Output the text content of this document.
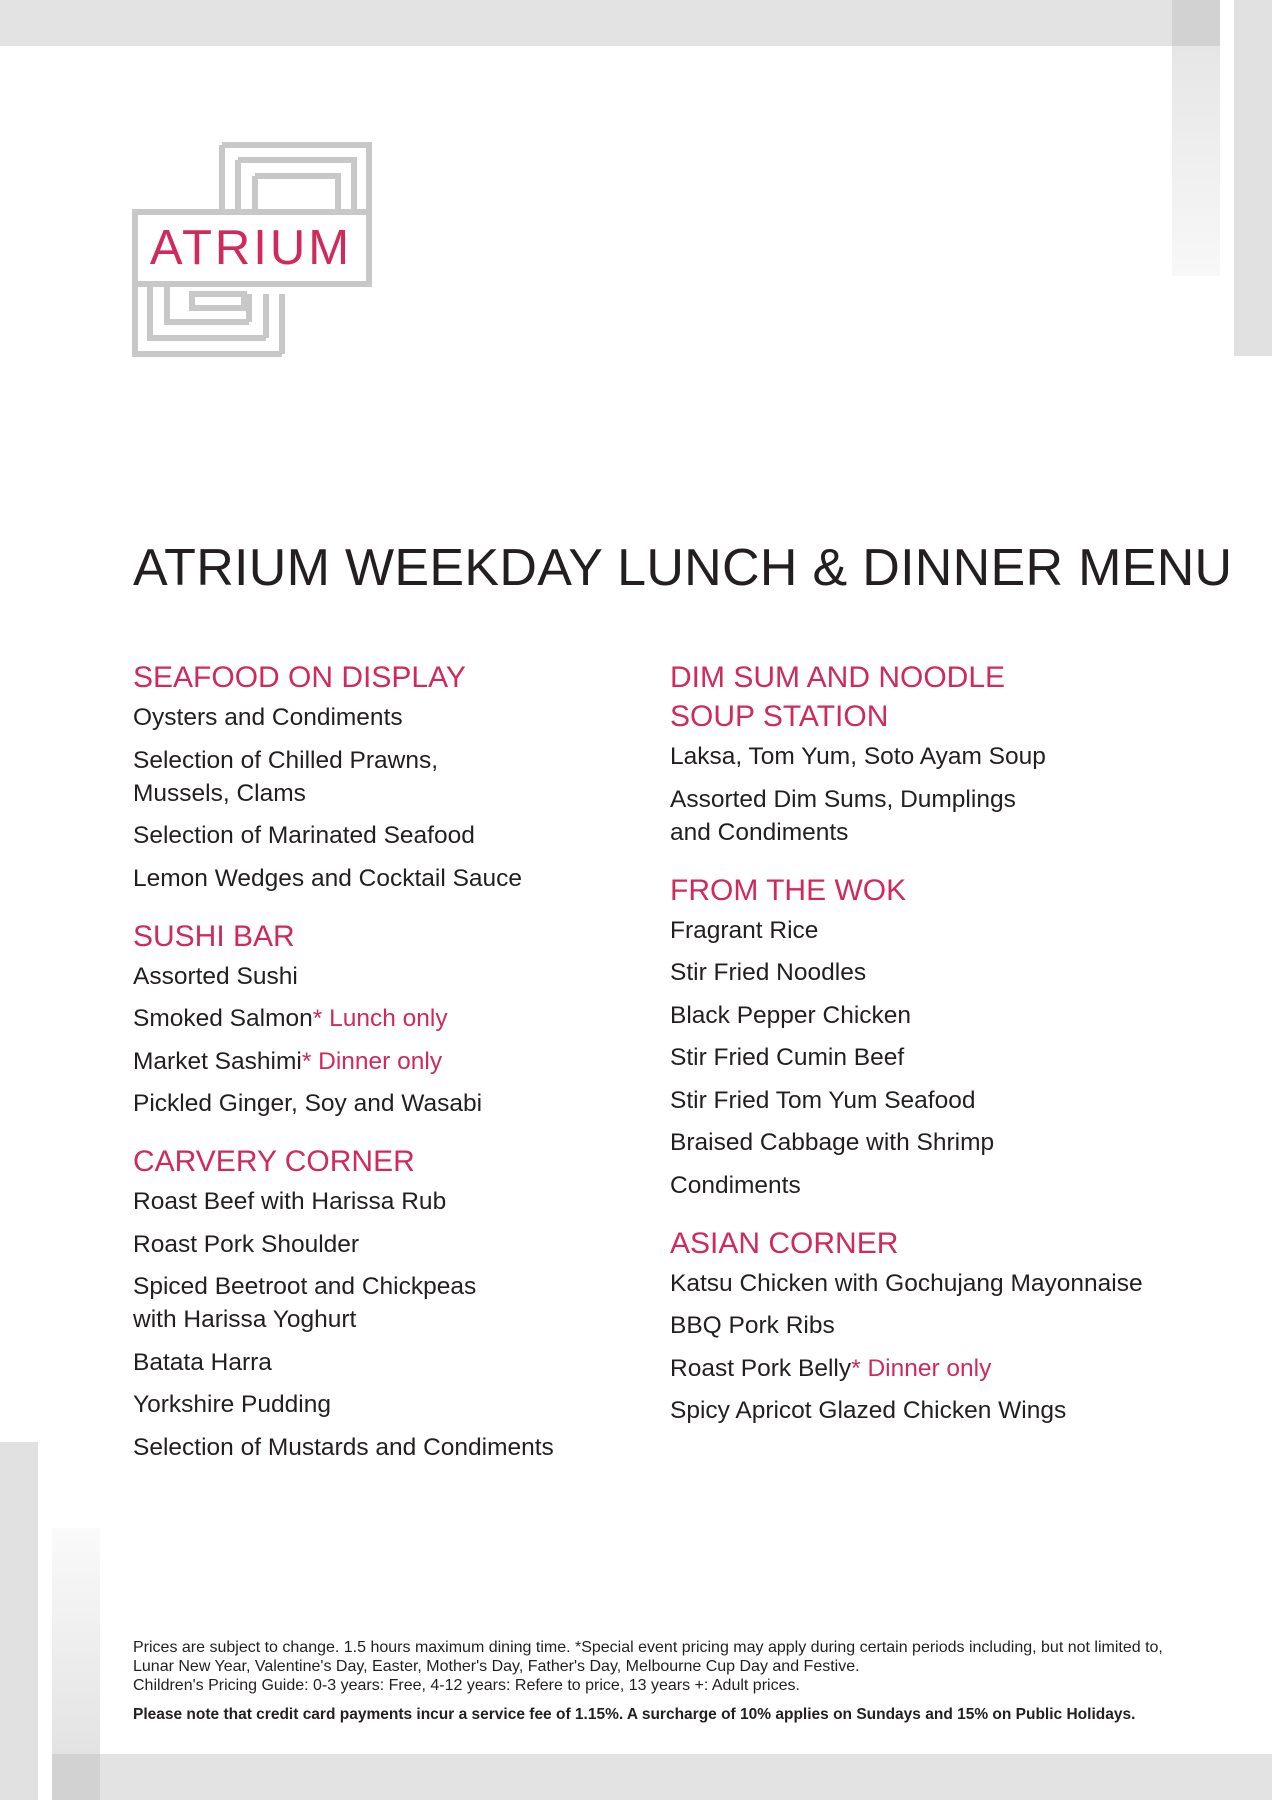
ATRIUM
ATRIUM WEEKDAY LUNCH & DINNER MENU
SEAFOOD ON DISPLAY
Oysters and Condiments
Selection of Chilled Prawns, Mussels, Clams
Selection of Marinated Seafood
Lemon Wedges and Cocktail Sauce
SUSHI BAR
Assorted Sushi
Smoked Salmon* Lunch only
Market Sashimi* Dinner only
Pickled Ginger, Soy and Wasabi
CARVERY CORNER
Roast Beef with Harissa Rub
Roast Pork Shoulder
Spiced Beetroot and Chickpeas with Harissa Yoghurt
Batata Harra
Yorkshire Pudding
Selection of Mustards and Condiments
DIM SUM AND NOODLE SOUP STATION
Laksa, Tom Yum, Soto Ayam Soup
Assorted Dim Sums, Dumplings and Condiments
FROM THE WOK
Fragrant Rice
Stir Fried Noodles
Black Pepper Chicken
Stir Fried Cumin Beef
Stir Fried Tom Yum Seafood
Braised Cabbage with Shrimp
Condiments
ASIAN CORNER
Katsu Chicken with Gochujang Mayonnaise
BBQ Pork Ribs
Roast Pork Belly* Dinner only
Spicy Apricot Glazed Chicken Wings

Prices are subject to change. 1.5 hours maximum dining time. *Special event pricing may apply during certain periods including, but not limited to, Lunar New Year, Valentine's Day, Easter, Mother's Day, Father's Day, Melbourne Cup Day and Festive.

Children's Pricing Guide: 0-3 years: Free, 4-12 years: Refere to price, 13 years +: Adult prices.

Please note that credit card payments incur a service fee of 1.15%. A surcharge of 10% applies on Sundays and 15% on Public Holidays.
